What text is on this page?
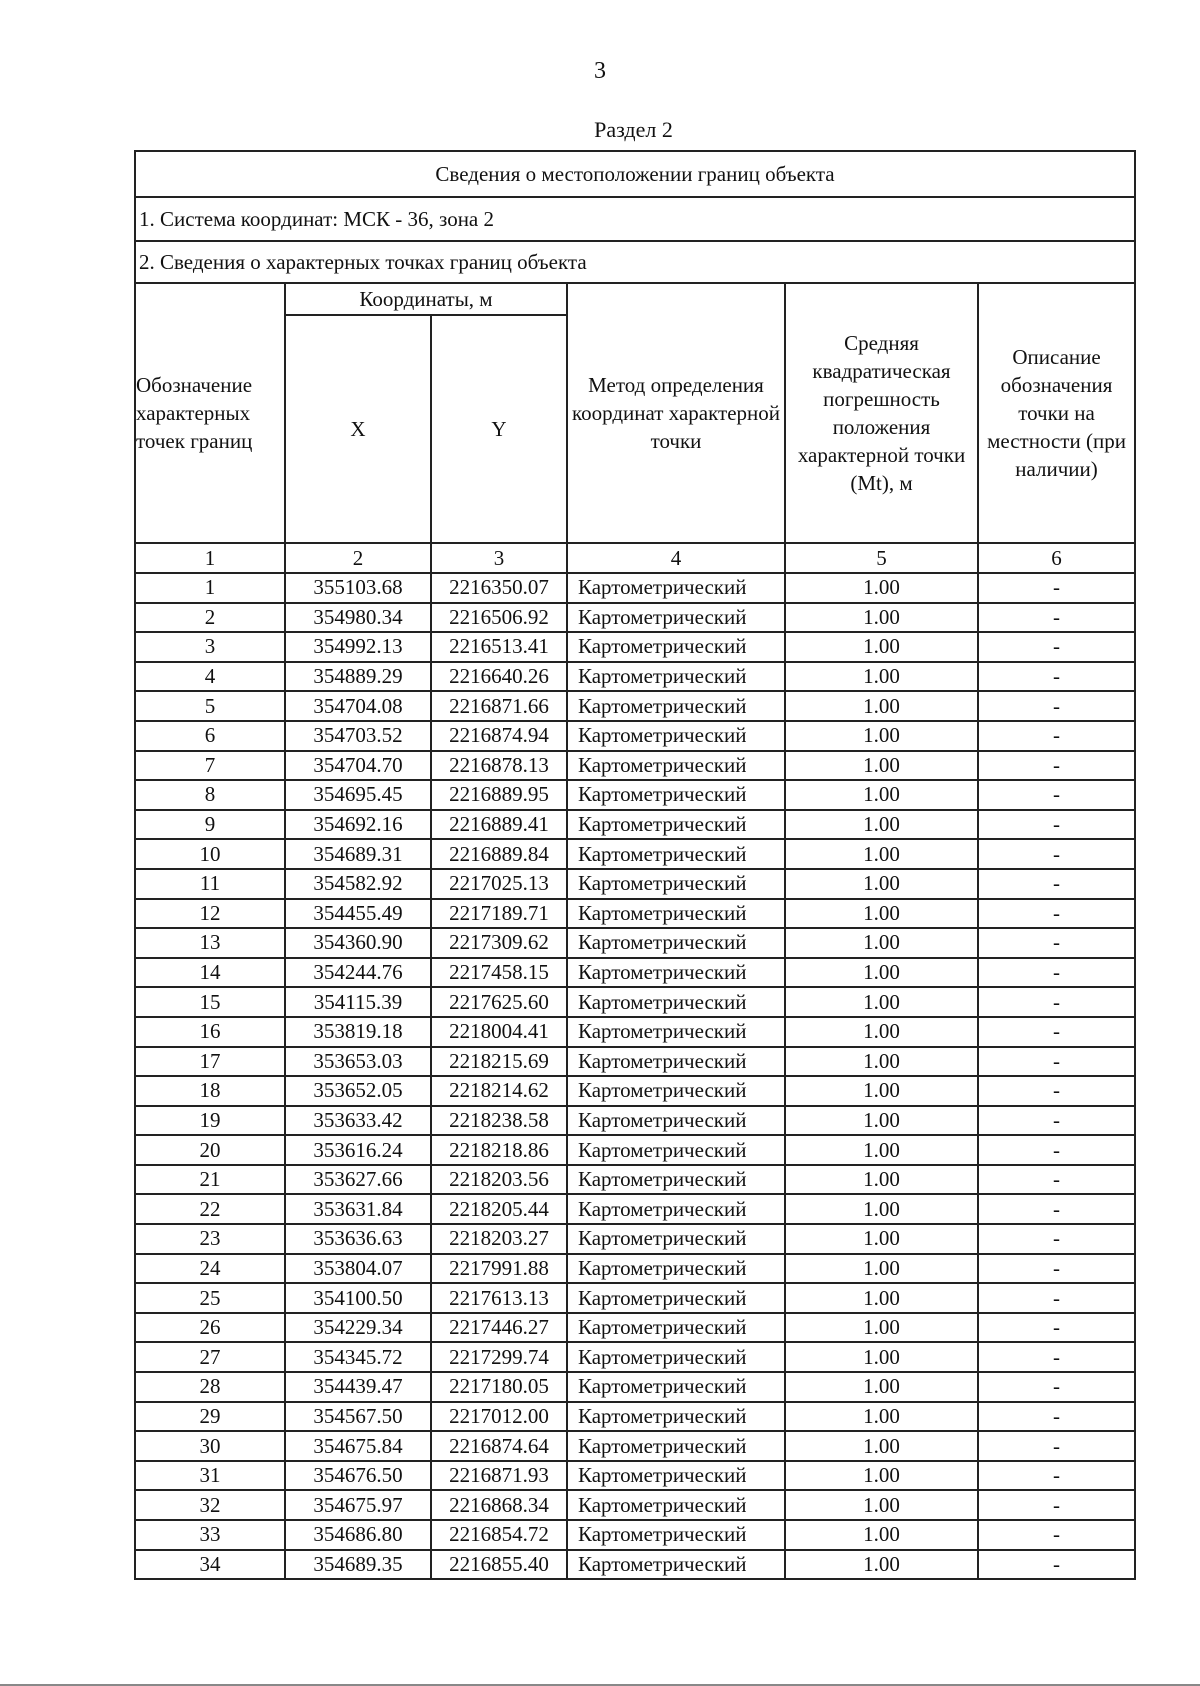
3
Раздел 2
Сведения о местоположении границ объекта					
1. Система координат: МСК - 36, зона 2					
2. Сведения о характерных точках границ объекта					
Обозначение характерных точек границ	Координаты, м		Метод определения координат характерной точки	Средняя квадратическая погрешность положения характерной точки (Mt), м	Описание обозначения точки на местности (при наличии)
	X	Y			
1	2	3	4	5	6
1	355103.68	2216350.07	Картометрический	1.00	-
2	354980.34	2216506.92	Картометрический	1.00	-
3	354992.13	2216513.41	Картометрический	1.00	-
4	354889.29	2216640.26	Картометрический	1.00	-
5	354704.08	2216871.66	Картометрический	1.00	-
6	354703.52	2216874.94	Картометрический	1.00	-
7	354704.70	2216878.13	Картометрический	1.00	-
8	354695.45	2216889.95	Картометрический	1.00	-
9	354692.16	2216889.41	Картометрический	1.00	-
10	354689.31	2216889.84	Картометрический	1.00	-
11	354582.92	2217025.13	Картометрический	1.00	-
12	354455.49	2217189.71	Картометрический	1.00	-
13	354360.90	2217309.62	Картометрический	1.00	-
14	354244.76	2217458.15	Картометрический	1.00	-
15	354115.39	2217625.60	Картометрический	1.00	-
16	353819.18	2218004.41	Картометрический	1.00	-
17	353653.03	2218215.69	Картометрический	1.00	-
18	353652.05	2218214.62	Картометрический	1.00	-
19	353633.42	2218238.58	Картометрический	1.00	-
20	353616.24	2218218.86	Картометрический	1.00	-
21	353627.66	2218203.56	Картометрический	1.00	-
22	353631.84	2218205.44	Картометрический	1.00	-
23	353636.63	2218203.27	Картометрический	1.00	-
24	353804.07	2217991.88	Картометрический	1.00	-
25	354100.50	2217613.13	Картометрический	1.00	-
26	354229.34	2217446.27	Картометрический	1.00	-
27	354345.72	2217299.74	Картометрический	1.00	-
28	354439.47	2217180.05	Картометрический	1.00	-
29	354567.50	2217012.00	Картометрический	1.00	-
30	354675.84	2216874.64	Картометрический	1.00	-
31	354676.50	2216871.93	Картометрический	1.00	-
32	354675.97	2216868.34	Картометрический	1.00	-
33	354686.80	2216854.72	Картометрический	1.00	-
34	354689.35	2216855.40	Картометрический	1.00	-
